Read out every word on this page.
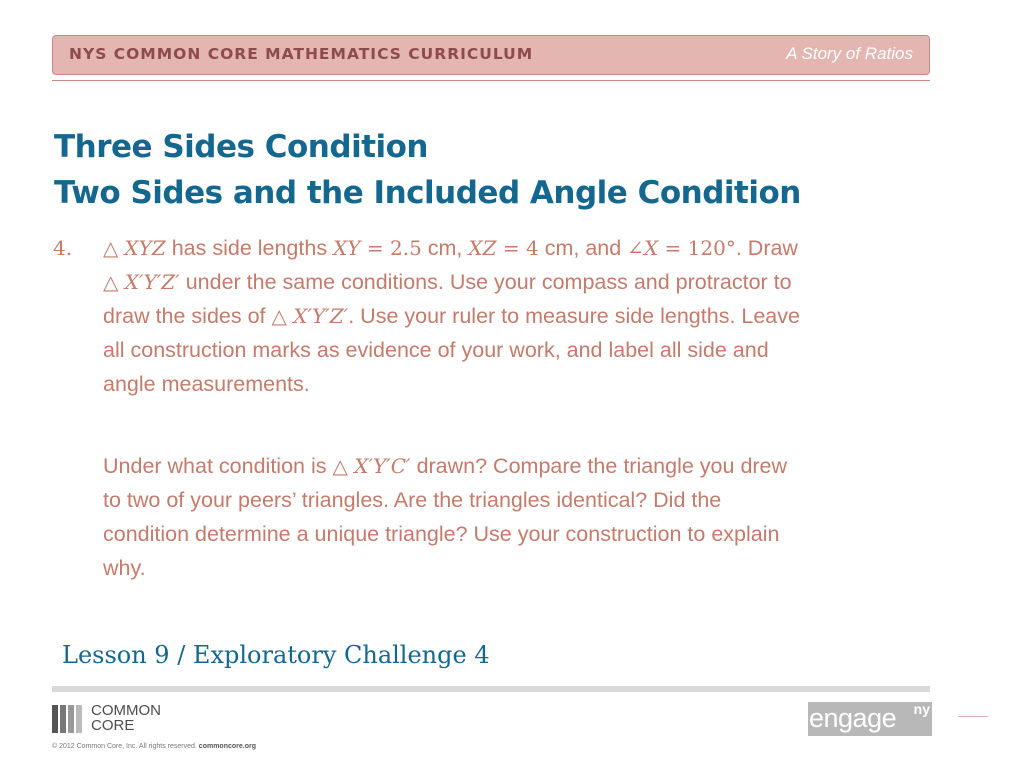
NYS COMMON CORE MATHEMATICS CURRICULUM	A Story of Ratios
Three Sides Condition
Two Sides and the Included Angle Condition
4. △ XYZ has side lengths XY = 2.5 cm, XZ = 4 cm, and ∠X = 120°. Draw
△ X′Y′Z′ under the same conditions. Use your compass and protractor to
draw the sides of △ X′Y′Z′. Use your ruler to measure side lengths. Leave
all construction marks as evidence of your work, and label all side and
angle measurements.
Under what condition is △ X′Y′C′ drawn? Compare the triangle you drew
to two of your peers’ triangles. Are the triangles identical? Did the
condition determine a unique triangle? Use your construction to explain
why.
Lesson 9 / Exploratory Challenge 4
COMMON
CORE
© 2012 Common Core, Inc. All rights reserved. commoncore.org
engage ny
